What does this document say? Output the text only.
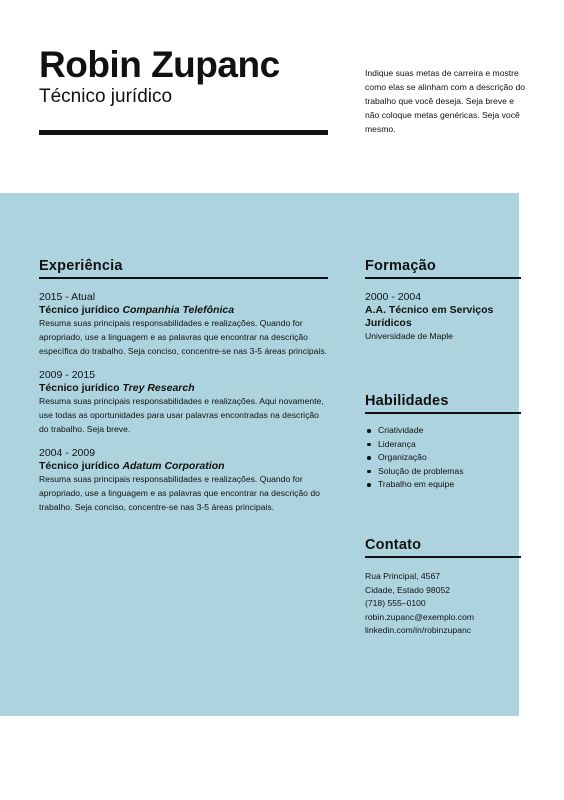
Robin Zupanc
Técnico jurídico

Indique suas metas de carreira e mostre como elas se alinham com a descrição do trabalho que você deseja. Seja breve e não coloque metas genéricas. Seja você mesmo.

Experiência

2015 - Atual

Técnico jurídico Companhia Telefônica

Resuma suas principais responsabilidades e realizações. Quando for apropriado, use a linguagem e as palavras que encontrar na descrição específica do trabalho. Seja conciso, concentre-se nas 3-5 áreas principais.

2009 - 2015

Técnico jurídico Trey Research

Resuma suas principais responsabilidades e realizações. Aqui novamente, use todas as oportunidades para usar palavras encontradas na descrição do trabalho. Seja breve.

2004 - 2009

Técnico jurídico Adatum Corporation

Resuma suas principais responsabilidades e realizações. Quando for apropriado, use a linguagem e as palavras que encontrar na descrição do trabalho. Seja conciso, concentre-se nas 3-5 áreas principais.

Formação

2000 - 2004

A.A. Técnico em Serviços Jurídicos

Universidade de Maple

Habilidades
Criatividade
Liderança
Organização
Solução de problemas
Trabalho em equipe
Contato
Rua Principal, 4567
Cidade, Estado 98052
(718) 555–0100
robin.zupanc@exemplo.com
linkedin.com/in/robinzupanc
